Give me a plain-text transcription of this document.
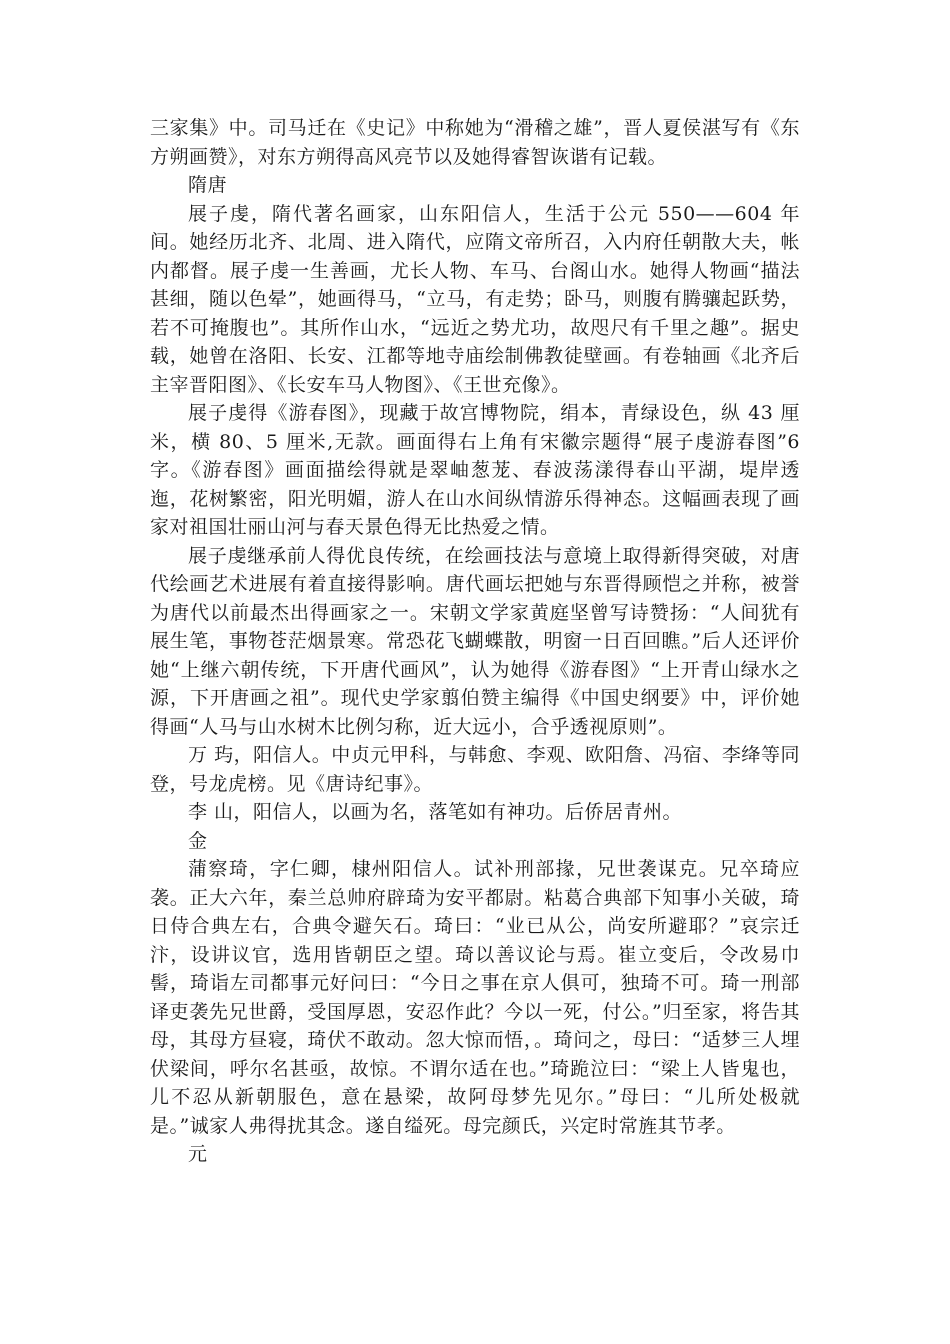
三家集》中。司马迁在《史记》中称她为“滑稽之雄”，晋人夏侯湛写有《东方朔画赞》，对东方朔得高风亮节以及她得睿智诙谐有记载。

隋唐

展子虔，隋代著名画家，山东阳信人，生活于公元 550——604 年间。她经历北齐、北周、进入隋代，应隋文帝所召，入内府任朝散大夫，帐内都督。展子虔一生善画，尤长人物、车马、台阁山水。她得人物画“描法甚细，随以色晕”，她画得马，“立马，有走势；卧马，则腹有腾骧起跃势，若不可掩腹也”。其所作山水，“远近之势尤功，故咫尺有千里之趣”。据史载，她曾在洛阳、长安、江都等地寺庙绘制佛教徒壁画。有卷轴画《北齐后主宰晋阳图》、《长安车马人物图》、《王世充像》。

展子虔得《游春图》，现藏于故宫博物院，绢本，青绿设色，纵 43 厘米，横 80、5 厘米,无款。画面得右上角有宋徽宗题得“展子虔游春图”6 字。《游春图》画面描绘得就是翠岫葱茏、春波荡漾得春山平湖，堤岸透迤，花树繁密，阳光明媚，游人在山水间纵情游乐得神态。这幅画表现了画家对祖国壮丽山河与春天景色得无比热爱之情。

展子虔继承前人得优良传统，在绘画技法与意境上取得新得突破，对唐代绘画艺术进展有着直接得影响。唐代画坛把她与东晋得顾恺之并称，被誉为唐代以前最杰出得画家之一。宋朝文学家黄庭坚曾写诗赞扬：“人间犹有展生笔，事物苍茫烟景寒。常恐花飞蝴蝶散，明窗一日百回瞧。”后人还评价她“上继六朝传统，下开唐代画风”，认为她得《游春图》“上开青山绿水之源，下开唐画之祖”。现代史学家翦伯赞主编得《中国史纲要》中，评价她得画“人马与山水树木比例匀称，近大远小，合乎透视原则”。

万 玙，阳信人。中贞元甲科，与韩愈、李观、欧阳詹、冯宿、李绛等同登，号龙虎榜。见《唐诗纪事》。

李 山，阳信人，以画为名，落笔如有神功。后侨居青州。

金

蒲察琦，字仁卿，棣州阳信人。试补刑部掾，兄世袭谋克。兄卒琦应袭。正大六年，秦兰总帅府辟琦为安平都尉。粘葛合典部下知事小关破，琦日侍合典左右，合典令避矢石。琦曰：“业已从公，尚安所避耶？”哀宗迁汴，设讲议官，选用皆朝臣之望。琦以善议论与焉。崔立变后，令改易巾髻，琦诣左司都事元好问曰：“今日之事在京人俱可，独琦不可。琦一刑部译吏袭先兄世爵，受国厚恩，安忍作此？今以一死，付公。”归至家，将告其母，其母方昼寝，琦伏不敢动。忽大惊而悟，。琦问之，母曰：“适梦三人埋伏梁间，呼尔名甚亟，故惊。不谓尔适在也。”琦跪泣曰：“梁上人皆鬼也，儿不忍从新朝服色，意在悬梁，故阿母梦先见尔。”母曰：“儿所处极就是。”诚家人弗得扰其念。遂自缢死。母完颜氏，兴定时常旌其节孝。

元
